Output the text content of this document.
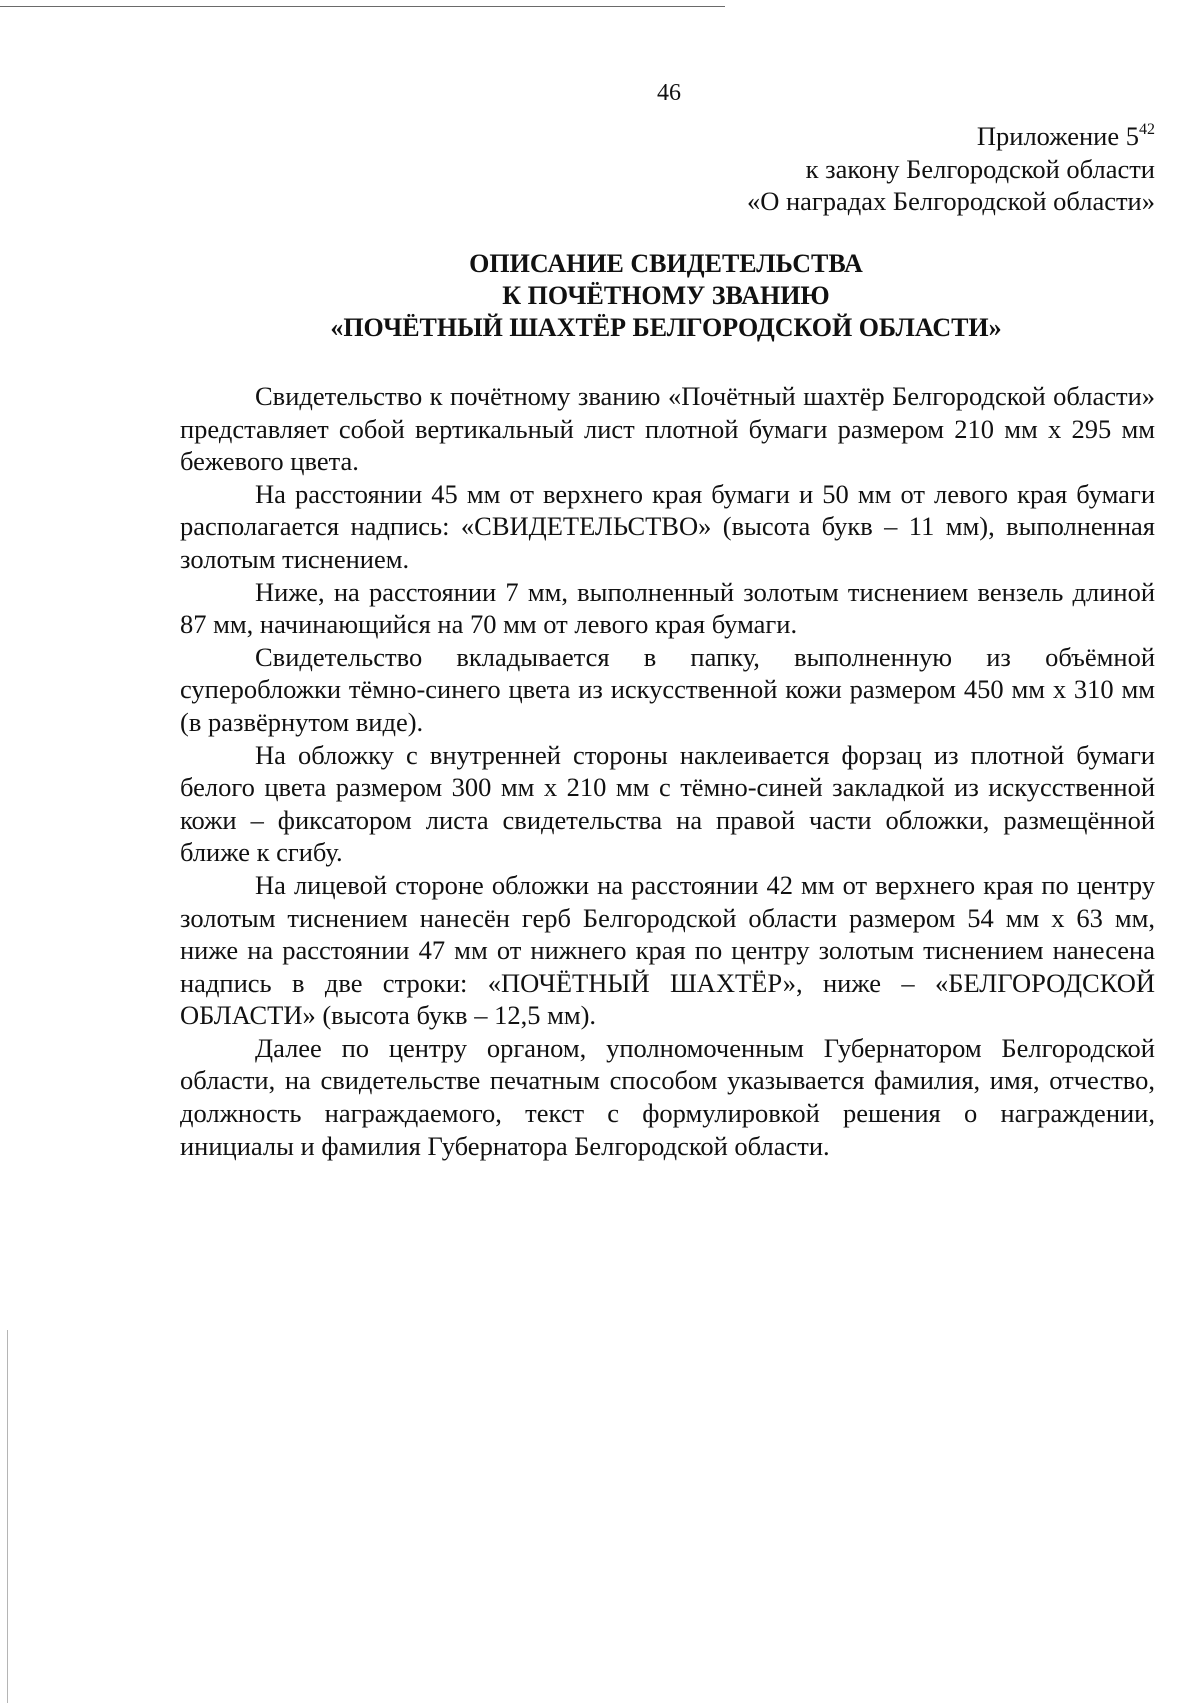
46
Приложение $5^{42}$
к закону Белгородской области
«О наградах Белгородской области»
ОПИСАНИЕ СВИДЕТЕЛЬСТВА
К ПОЧЁТНОМУ ЗВАНИЮ
«ПОЧЁТНЫЙ ШАХТЁР БЕЛГОРОДСКОЙ ОБЛАСТИ»

Свидетельство к почётному званию «Почётный шахтёр Белгородской области» представляет собой вертикальный лист плотной бумаги размером 210 мм x 295 мм бежевого цвета.

На расстоянии 45 мм от верхнего края бумаги и 50 мм от левого края бумаги располагается надпись: «СВИДЕТЕЛЬСТВО» (высота букв – 11 мм), выполненная золотым тиснением.

Ниже, на расстоянии 7 мм, выполненный золотым тиснением вензель длиной 87 мм, начинающийся на 70 мм от левого края бумаги.

Свидетельство вкладывается в папку, выполненную из объёмной суперобложки тёмно-синего цвета из искусственной кожи размером 450 мм x 310 мм (в развёрнутом виде).

На обложку с внутренней стороны наклеивается форзац из плотной бумаги белого цвета размером 300 мм x 210 мм с тёмно-синей закладкой из искусственной кожи – фиксатором листа свидетельства на правой части обложки, размещённой ближе к сгибу.

На лицевой стороне обложки на расстоянии 42 мм от верхнего края по центру золотым тиснением нанесён герб Белгородской области размером 54 мм x 63 мм, ниже на расстоянии 47 мм от нижнего края по центру золотым тиснением нанесена надпись в две строки: «ПОЧЁТНЫЙ ШАХТЁР», ниже – «БЕЛГОРОДСКОЙ ОБЛАСТИ» (высота букв – 12,5 мм).

Далее по центру органом, уполномоченным Губернатором Белгородской области, на свидетельстве печатным способом указывается фамилия, имя, отчество, должность награждаемого, текст с формулировкой решения о награждении, инициалы и фамилия Губернатора Белгородской области.
